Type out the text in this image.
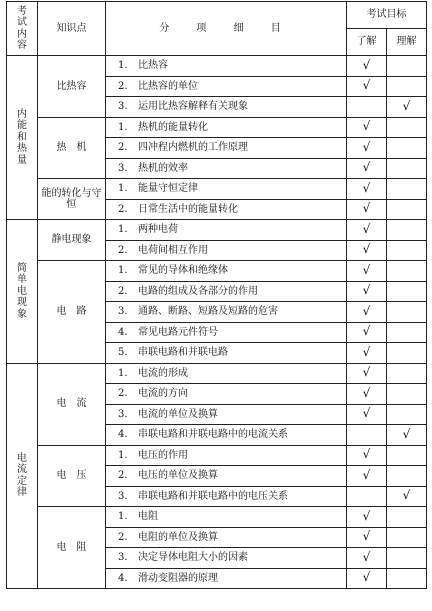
考试内容	知识点	分 项 细 目	考试目标	
			了解	理解
内能和热量	比热容	1. 比热容	√	
		2. 比热容的单位	√	
		3. 运用比热容解释有关现象		√
	热　机	1. 热机的能量转化	√	
		2. 四冲程内燃机的工作原理	√	
		3. 热机的效率	√	
	能的转化与守恒	1. 能量守恒定律	√	
		2. 日常生活中的能量转化	√	
简单电现象	静电现象	1. 两种电荷	√	
		2. 电荷间相互作用	√	
	电　路	1. 常见的导体和绝缘体	√	
		2. 电路的组成及各部分的作用	√	
		3. 通路、断路、短路及短路的危害	√	
		4. 常见电路元件符号	√	
		5. 串联电路和并联电路	√	
电流定律	电　流	1. 电流的形成	√	
		2. 电流的方向	√	
		3. 电流的单位及换算	√	
		4. 串联电路和并联电路中的电流关系		√
	电　压	1. 电压的作用	√	
		2. 电压的单位及换算	√	
		3. 串联电路和并联电路中的电压关系		√
	电　阻	1. 电阻	√	
		2. 电阻的单位及换算	√	
		3. 决定导体电阻大小的因素	√	
		4. 滑动变阻器的原理	√	
